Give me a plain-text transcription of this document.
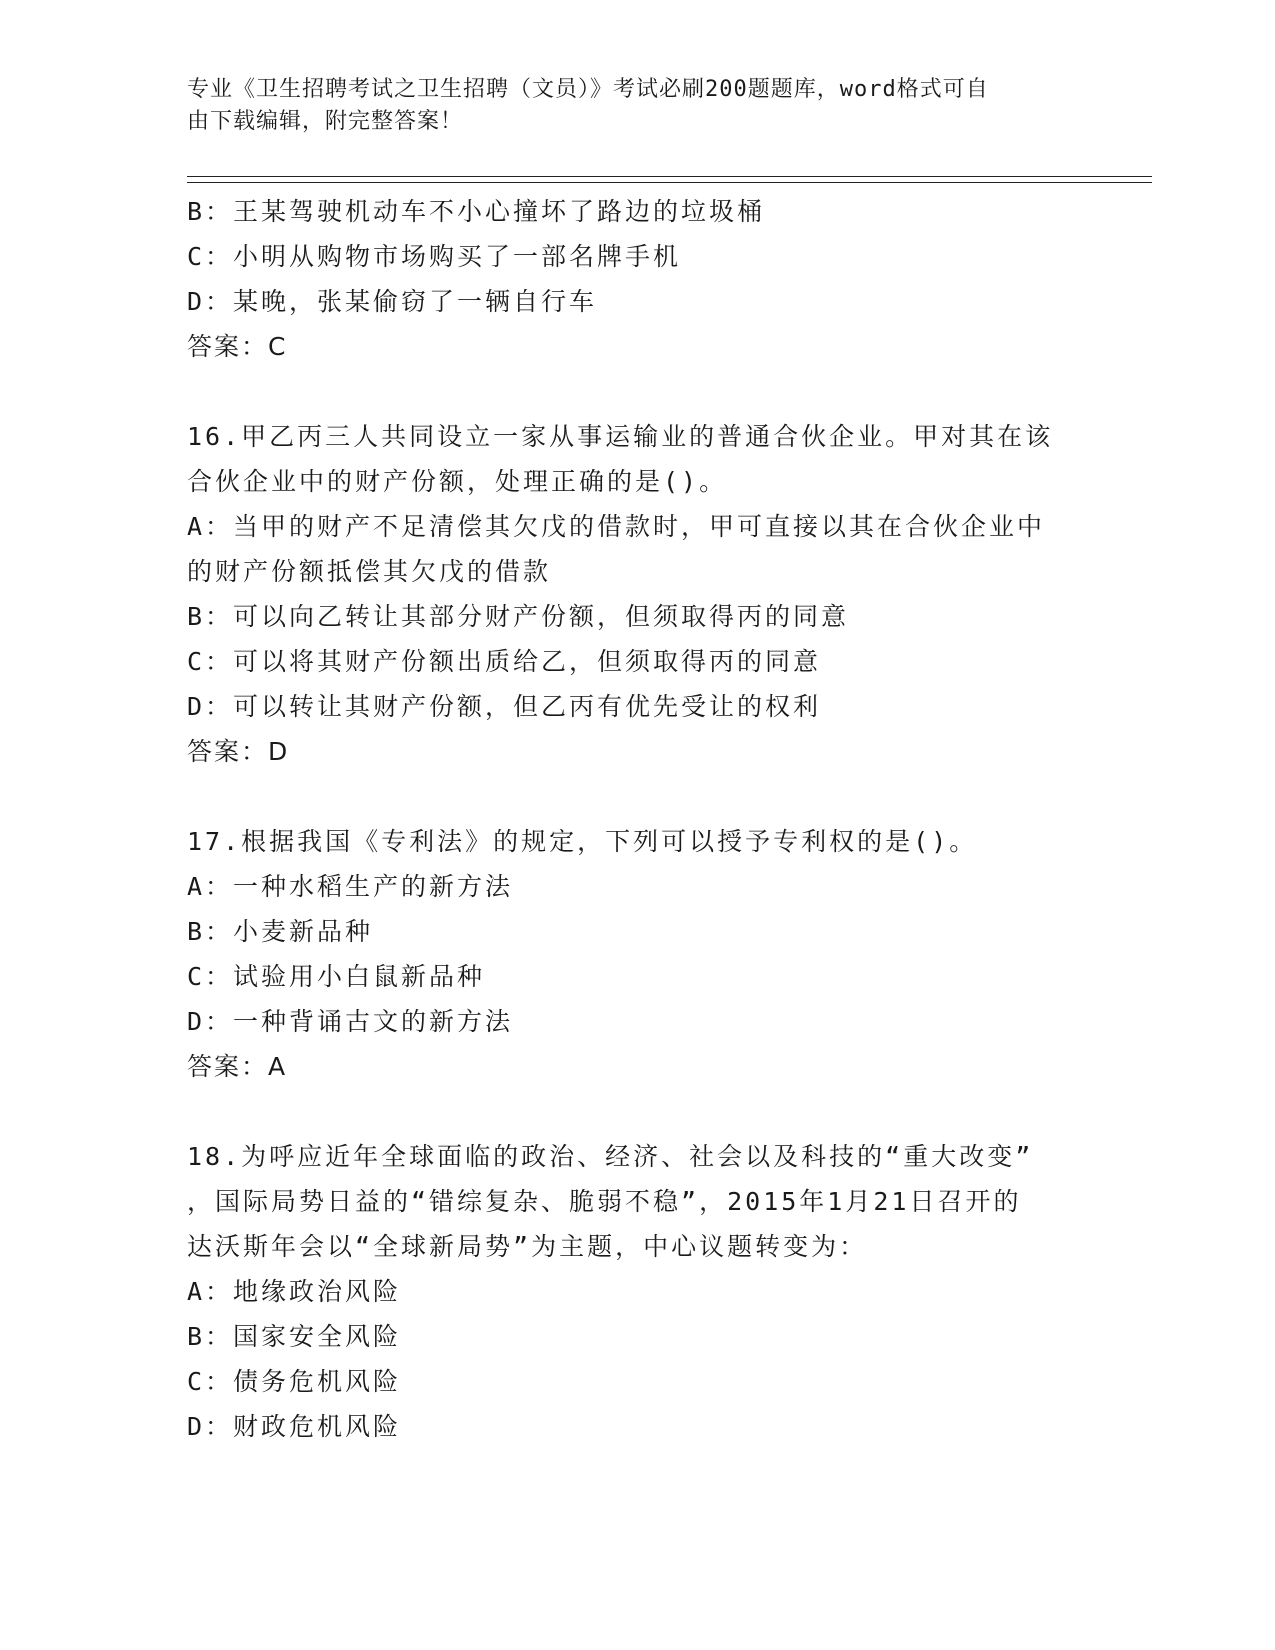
专业《卫生招聘考试之卫生招聘（文员）》考试必刷200题题库，word格式可自
由下载编辑，附完整答案！
B：王某驾驶机动车不小心撞坏了路边的垃圾桶
C：小明从购物市场购买了一部名牌手机
D：某晚，张某偷窃了一辆自行车
答案：C
16.甲乙丙三人共同设立一家从事运输业的普通合伙企业。甲对其在该
合伙企业中的财产份额，处理正确的是()。
A：当甲的财产不足清偿其欠戊的借款时，甲可直接以其在合伙企业中
的财产份额抵偿其欠戊的借款
B：可以向乙转让其部分财产份额，但须取得丙的同意
C：可以将其财产份额出质给乙，但须取得丙的同意
D：可以转让其财产份额，但乙丙有优先受让的权利
答案：D
17.根据我国《专利法》的规定，下列可以授予专利权的是()。
A：一种水稻生产的新方法
B：小麦新品种
C：试验用小白鼠新品种
D：一种背诵古文的新方法
答案：A
18.为呼应近年全球面临的政治、经济、社会以及科技的“重大改变”
，国际局势日益的“错综复杂、脆弱不稳”，2015年1月21日召开的
达沃斯年会以“全球新局势”为主题，中心议题转变为：
A：地缘政治风险
B：国家安全风险
C：债务危机风险
D：财政危机风险
